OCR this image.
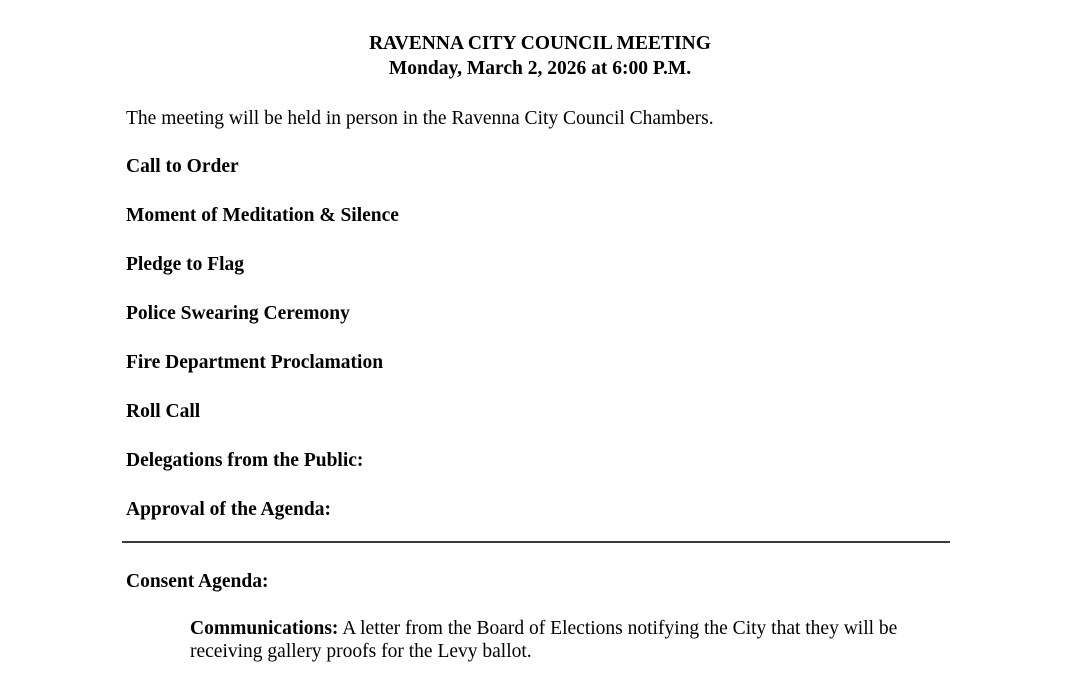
RAVENNA CITY COUNCIL MEETING
Monday, March 2, 2026 at 6:00 P.M.

The meeting will be held in person in the Ravenna City Council Chambers.

Call to Order
Moment of Meditation & Silence
Pledge to Flag
Police Swearing Ceremony
Fire Department Proclamation
Roll Call
Delegations from the Public:
Approval of the Agenda:
Consent Agenda:

Communications: A letter from the Board of Elections notifying the City that they will be receiving gallery proofs for the Levy ballot.
